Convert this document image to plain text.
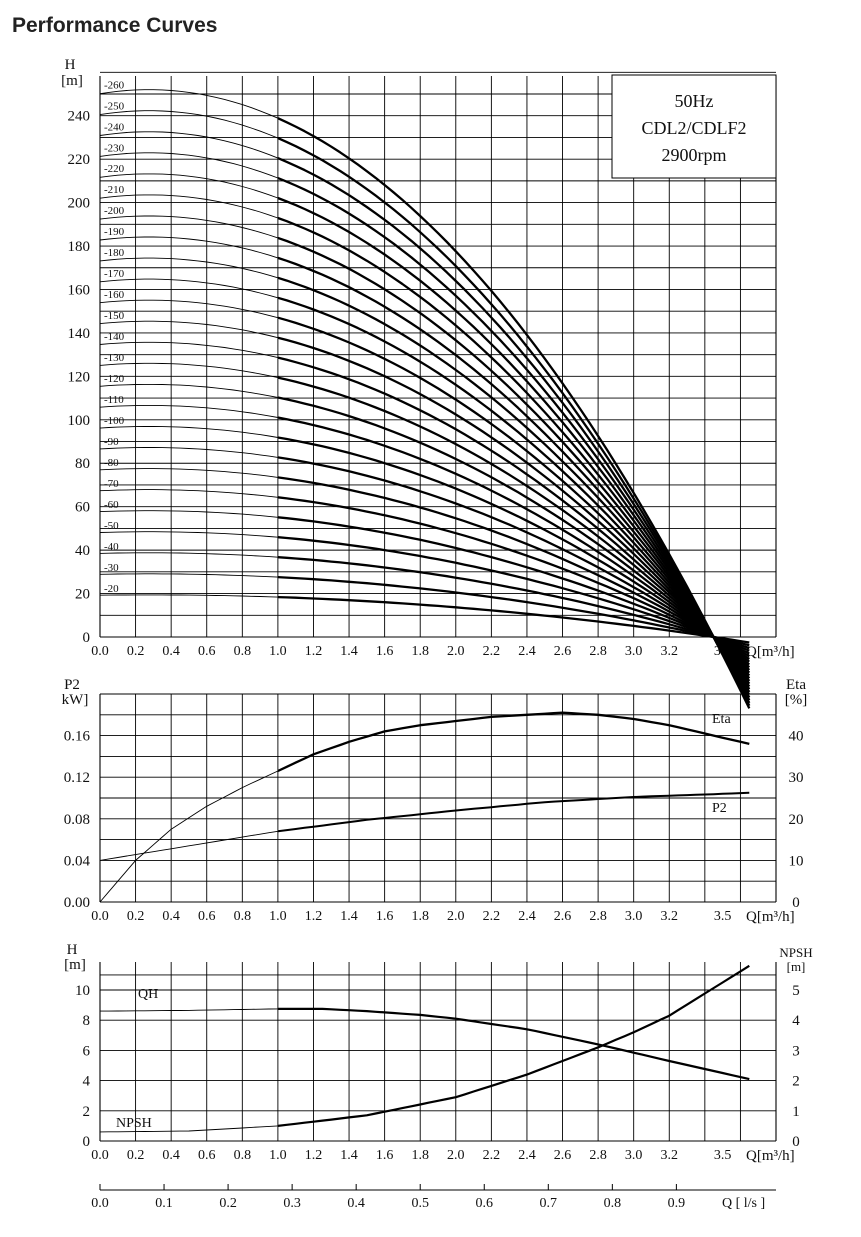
Performance Curves
0.0 0.2 0.4 0.6 0.8 1.0 1.2 1.4 1.6 1.8 2.0 2.2 2.4 2.6 2.8 3.0 3.2	3.5
0
20
40
60
80
100
120
140
160
180
200
220
240
H
[m]
Q[m³/h]
-20
-30
-40
-50
-60
-70
-80
-90
-100
-110
-120
-130
-140
-150
-160
-170
-180
-190
-200
-210
-220
-230
-240
-250
-260
0.0 0.2 0.4 0.6 0.8 1.0 1.2 1.4 1.6 1.8 2.0 2.2 2.4 2.6 2.8 3.0 3.2	3.5
0.00
0.04
0.08
0.12
0.16
0
10
20
30
40
P2
kW]
Eta
[%]
Q[m³/h]
P2
Eta
0.0 0.2 0.4 0.6 0.8 1.0 1.2 1.4 1.6 1.8 2.0 2.2 2.4 2.6 2.8 3.0 3.2	3.5
0
2
4
6
8
10
0
1
2
3
4
5
H
[m]
NPSH
[m]
Q[m³/h]
QH
NPSH
0.0	0.1	0.2	0.3	0.4	0.5	0.6	0.7	0.8	0.9	Q [ l/s ]
50Hz
CDL2/CDLF2
2900rpm
